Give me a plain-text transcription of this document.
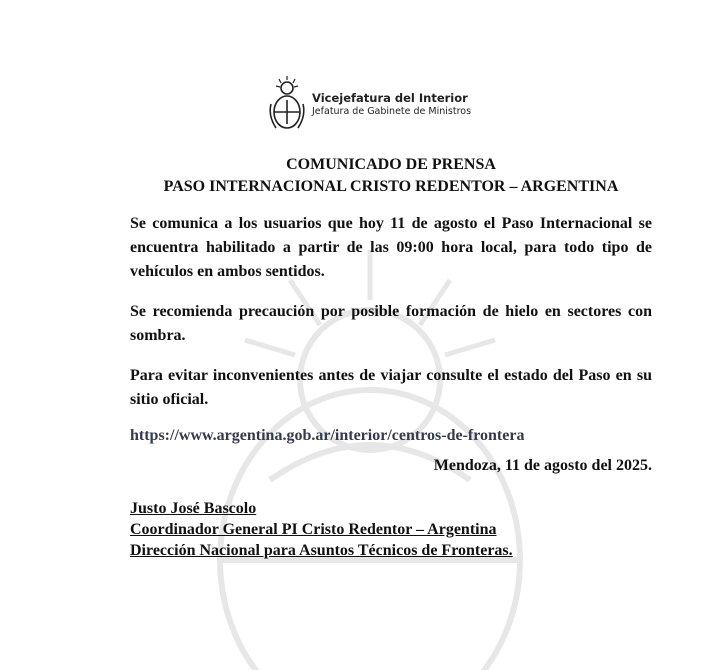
Vicejefatura del Interior
Jefatura de Gabinete de Ministros
COMUNICADO DE PRENSA
PASO INTERNACIONAL CRISTO REDENTOR – ARGENTINA
Se comunica a los usuarios que hoy 11 de agosto el Paso Internacional se encuentra habilitado a partir de las 09:00 hora local, para todo tipo de vehículos en ambos sentidos.
Se recomienda precaución por posible formación de hielo en sectores con sombra.
Para evitar inconvenientes antes de viajar consulte el estado del Paso en su sitio oficial.
https://www.argentina.gob.ar/interior/centros-de-frontera
Mendoza, 11 de agosto del 2025.
Justo José Bascolo
Coordinador General PI Cristo Redentor – Argentina
Dirección Nacional para Asuntos Técnicos de Fronteras.
